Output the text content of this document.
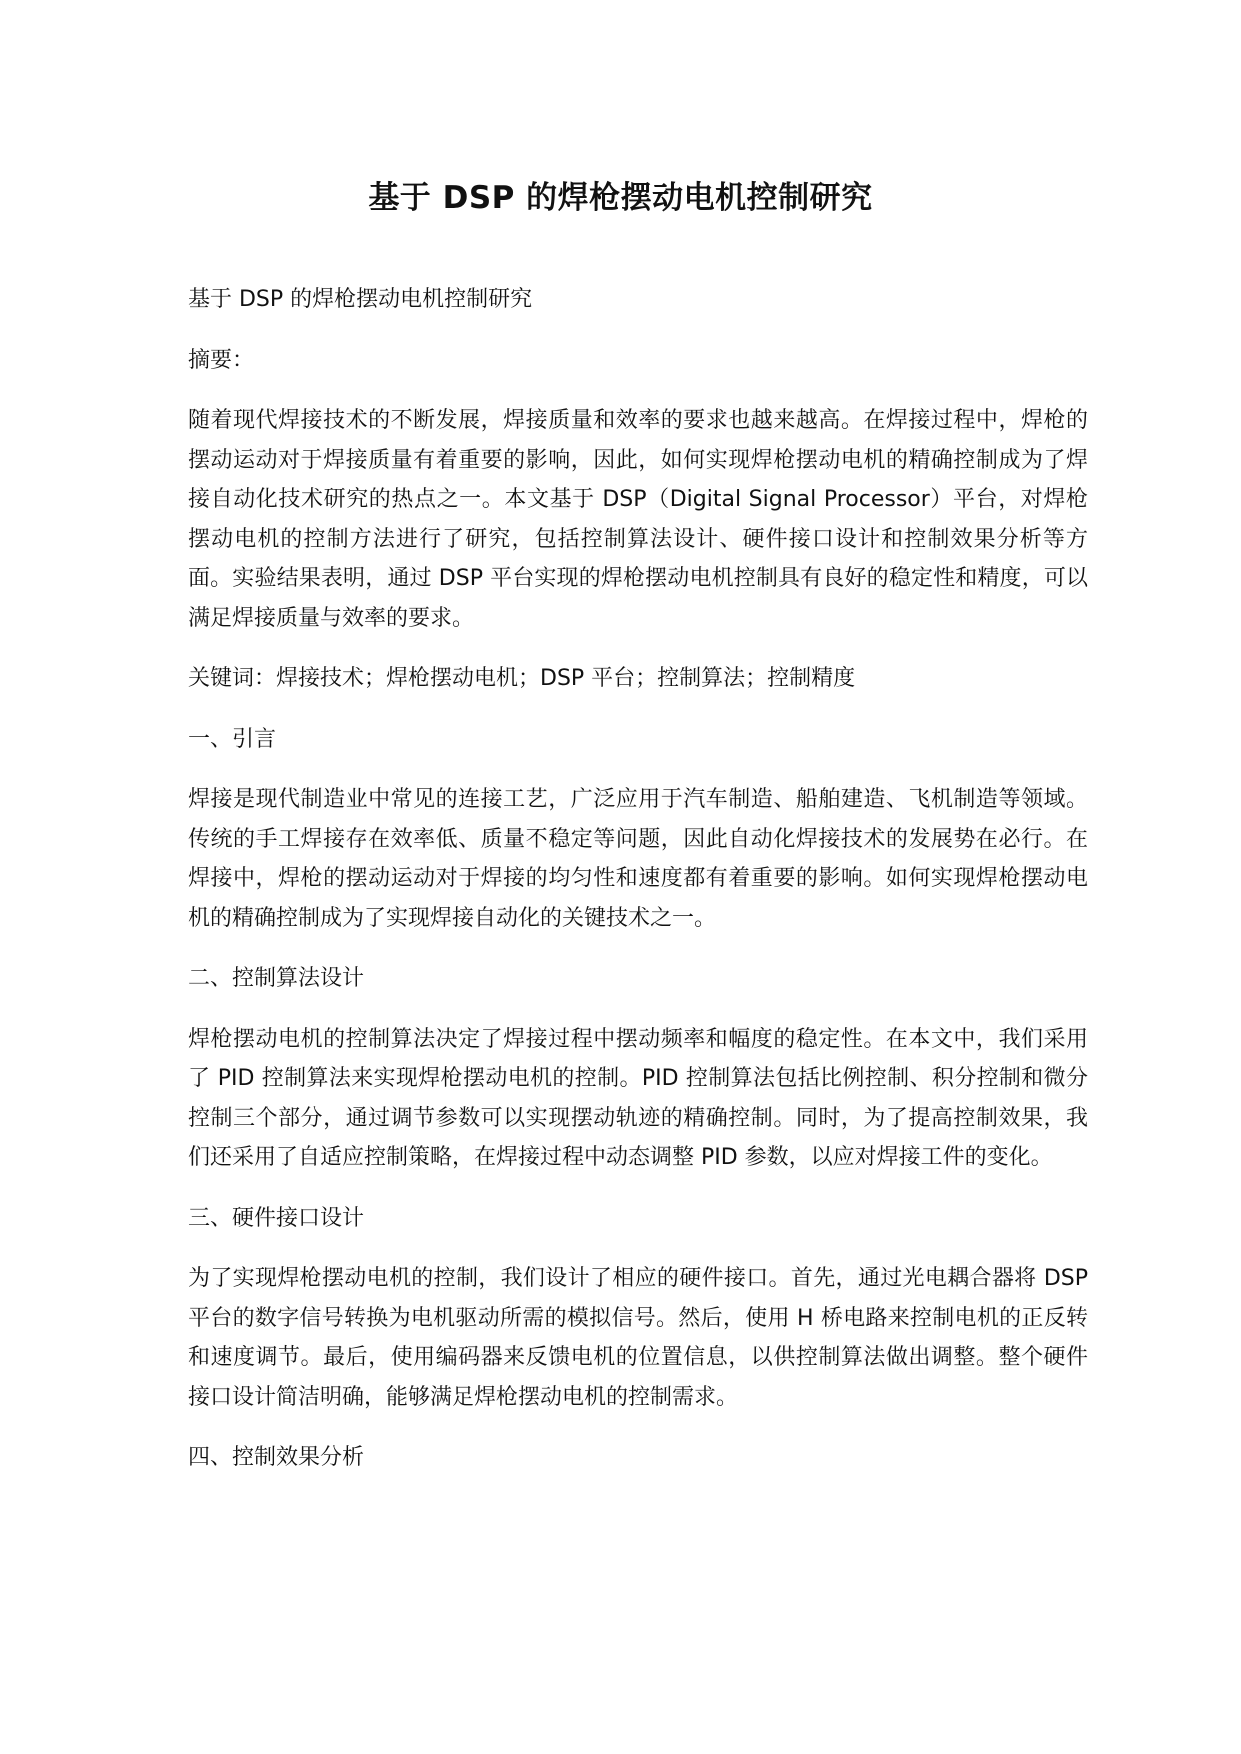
基于 DSP 的焊枪摆动电机控制研究

基于 DSP 的焊枪摆动电机控制研究

摘要：

随着现代焊接技术的不断发展，焊接质量和效率的要求也越来越高。在焊接过程中，焊枪的摆动运动对于焊接质量有着重要的影响，因此，如何实现焊枪摆动电机的精确控制成为了焊接自动化技术研究的热点之一。本文基于 DSP（Digital Signal Processor）平台，对焊枪摆动电机的控制方法进行了研究，包括控制算法设计、硬件接口设计和控制效果分析等方面。实验结果表明，通过 DSP 平台实现的焊枪摆动电机控制具有良好的稳定性和精度，可以满足焊接质量与效率的要求。

关键词：焊接技术；焊枪摆动电机；DSP 平台；控制算法；控制精度

一、引言

焊接是现代制造业中常见的连接工艺，广泛应用于汽车制造、船舶建造、飞机制造等领域。传统的手工焊接存在效率低、质量不稳定等问题，因此自动化焊接技术的发展势在必行。在焊接中，焊枪的摆动运动对于焊接的均匀性和速度都有着重要的影响。如何实现焊枪摆动电机的精确控制成为了实现焊接自动化的关键技术之一。

二、控制算法设计

焊枪摆动电机的控制算法决定了焊接过程中摆动频率和幅度的稳定性。在本文中，我们采用了 PID 控制算法来实现焊枪摆动电机的控制。PID 控制算法包括比例控制、积分控制和微分控制三个部分，通过调节参数可以实现摆动轨迹的精确控制。同时，为了提高控制效果，我们还采用了自适应控制策略，在焊接过程中动态调整 PID 参数，以应对焊接工件的变化。

三、硬件接口设计

为了实现焊枪摆动电机的控制，我们设计了相应的硬件接口。首先，通过光电耦合器将 DSP 平台的数字信号转换为电机驱动所需的模拟信号。然后，使用 H 桥电路来控制电机的正反转和速度调节。最后，使用编码器来反馈电机的位置信息，以供控制算法做出调整。整个硬件接口设计简洁明确，能够满足焊枪摆动电机的控制需求。

四、控制效果分析
